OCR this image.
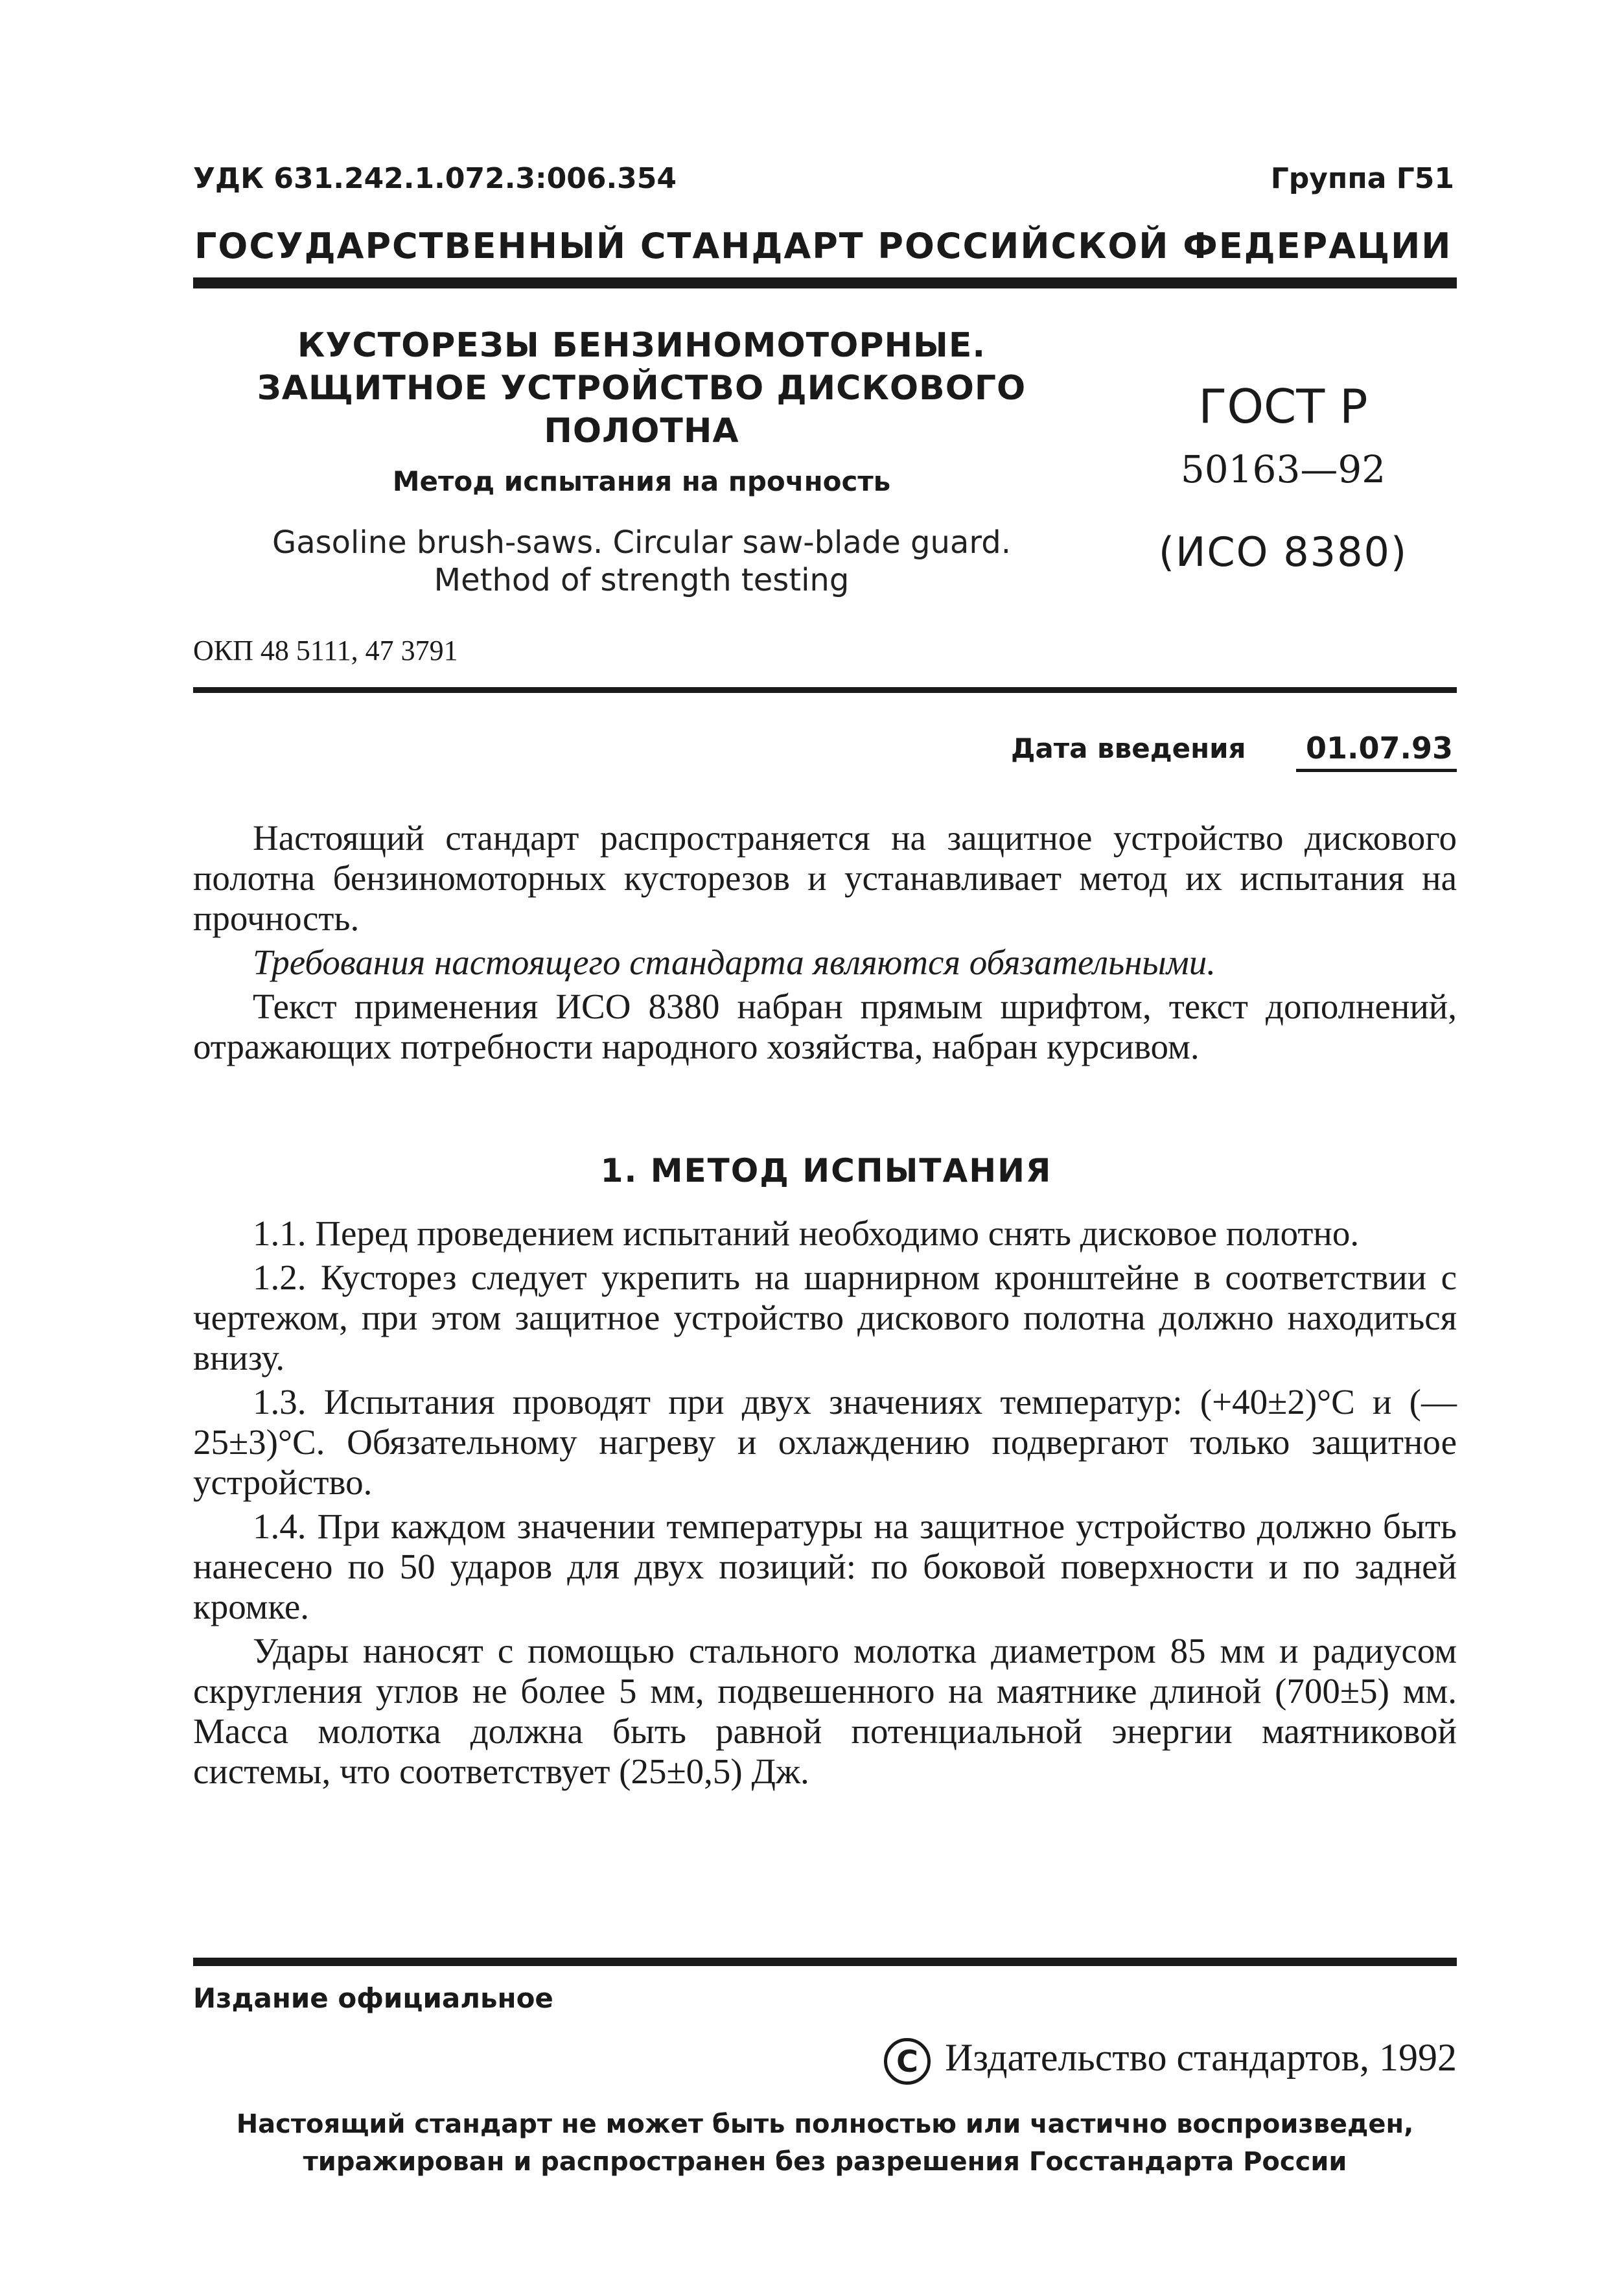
УДК 631.242.1.072.3:006.354	Группа Г51
ГОСУДАРСТВЕННЫЙ СТАНДАРТ РОССИЙСКОЙ ФЕДЕРАЦИИ
КУСТОРЕЗЫ БЕНЗИНОМОТОРНЫЕ. ЗАЩИТНОЕ УСТРОЙСТВО ДИСКОВОГО ПОЛОТНА
Метод испытания на прочность
Gasoline brush-saws. Circular saw-blade guard. Method of strength testing
ГОСТ Р
50163—92
(ИСО 8380)
ОКП 48 5111, 47 3791
Дата введения 01.07.93

Настоящий стандарт распространяется на защитное устройство дискового полотна бензиномоторных кусторезов и устанавливает метод их испытания на прочность.

Требования настоящего стандарта являются обязательными.

Текст применения ИСО 8380 набран прямым шрифтом, текст дополнений, отражающих потребности народного хозяйства, набран курсивом.

1. МЕТОД ИСПЫТАНИЯ

1.1. Перед проведением испытаний необходимо снять дисковое полотно.

1.2. Кусторез следует укрепить на шарнирном кронштейне в соответствии с чертежом, при этом защитное устройство дискового полотна должно находиться внизу.

1.3. Испытания проводят при двух значениях температур: (+40±2)°С и (—25±3)°С. Обязательному нагреву и охлаждению подвергают только защитное устройство.

1.4. При каждом значении температуры на защитное устройство должно быть нанесено по 50 ударов для двух позиций: по боковой поверхности и по задней кромке.

Удары наносят с помощью стального молотка диаметром 85 мм и радиусом скругления углов не более 5 мм, подвешенного на маятнике длиной (700±5) мм. Масса молотка должна быть равной потенциальной энергии маятниковой системы, что соответствует (25±0,5) Дж.

Издание официальное
С Издательство стандартов, 1992
Настоящий стандарт не может быть полностью или частично воспроизведен, тиражирован и распространен без разрешения Госстандарта России
